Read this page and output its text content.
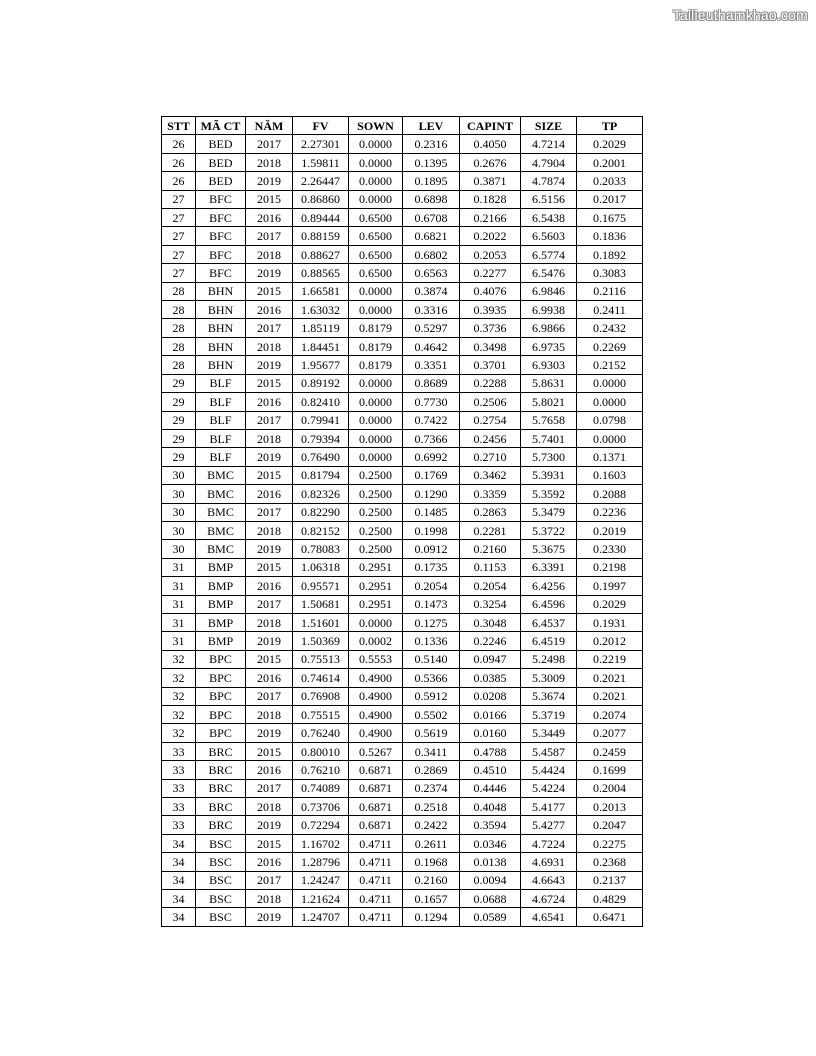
Tailieuthamkhao.com
STT	MÃ CT	NĂM	FV	SOWN	LEV	CAPINT	SIZE	TP
26	BED	2017	2.27301	0.0000	0.2316	0.4050	4.7214	0.2029
26	BED	2018	1.59811	0.0000	0.1395	0.2676	4.7904	0.2001
26	BED	2019	2.26447	0.0000	0.1895	0.3871	4.7874	0.2033
27	BFC	2015	0.86860	0.0000	0.6898	0.1828	6.5156	0.2017
27	BFC	2016	0.89444	0.6500	0.6708	0.2166	6.5438	0.1675
27	BFC	2017	0.88159	0.6500	0.6821	0.2022	6.5603	0.1836
27	BFC	2018	0.88627	0.6500	0.6802	0.2053	6.5774	0.1892
27	BFC	2019	0.88565	0.6500	0.6563	0.2277	6.5476	0.3083
28	BHN	2015	1.66581	0.0000	0.3874	0.4076	6.9846	0.2116
28	BHN	2016	1.63032	0.0000	0.3316	0.3935	6.9938	0.2411
28	BHN	2017	1.85119	0.8179	0.5297	0.3736	6.9866	0.2432
28	BHN	2018	1.84451	0.8179	0.4642	0.3498	6.9735	0.2269
28	BHN	2019	1.95677	0.8179	0.3351	0.3701	6.9303	0.2152
29	BLF	2015	0.89192	0.0000	0.8689	0.2288	5.8631	0.0000
29	BLF	2016	0.82410	0.0000	0.7730	0.2506	5.8021	0.0000
29	BLF	2017	0.79941	0.0000	0.7422	0.2754	5.7658	0.0798
29	BLF	2018	0.79394	0.0000	0.7366	0.2456	5.7401	0.0000
29	BLF	2019	0.76490	0.0000	0.6992	0.2710	5.7300	0.1371
30	BMC	2015	0.81794	0.2500	0.1769	0.3462	5.3931	0.1603
30	BMC	2016	0.82326	0.2500	0.1290	0.3359	5.3592	0.2088
30	BMC	2017	0.82290	0.2500	0.1485	0.2863	5.3479	0.2236
30	BMC	2018	0.82152	0.2500	0.1998	0.2281	5.3722	0.2019
30	BMC	2019	0.78083	0.2500	0.0912	0.2160	5.3675	0.2330
31	BMP	2015	1.06318	0.2951	0.1735	0.1153	6.3391	0.2198
31	BMP	2016	0.95571	0.2951	0.2054	0.2054	6.4256	0.1997
31	BMP	2017	1.50681	0.2951	0.1473	0.3254	6.4596	0.2029
31	BMP	2018	1.51601	0.0000	0.1275	0.3048	6.4537	0.1931
31	BMP	2019	1.50369	0.0002	0.1336	0.2246	6.4519	0.2012
32	BPC	2015	0.75513	0.5553	0.5140	0.0947	5.2498	0.2219
32	BPC	2016	0.74614	0.4900	0.5366	0.0385	5.3009	0.2021
32	BPC	2017	0.76908	0.4900	0.5912	0.0208	5.3674	0.2021
32	BPC	2018	0.75515	0.4900	0.5502	0.0166	5.3719	0.2074
32	BPC	2019	0.76240	0.4900	0.5619	0.0160	5.3449	0.2077
33	BRC	2015	0.80010	0.5267	0.3411	0.4788	5.4587	0.2459
33	BRC	2016	0.76210	0.6871	0.2869	0.4510	5.4424	0.1699
33	BRC	2017	0.74089	0.6871	0.2374	0.4446	5.4224	0.2004
33	BRC	2018	0.73706	0.6871	0.2518	0.4048	5.4177	0.2013
33	BRC	2019	0.72294	0.6871	0.2422	0.3594	5.4277	0.2047
34	BSC	2015	1.16702	0.4711	0.2611	0.0346	4.7224	0.2275
34	BSC	2016	1.28796	0.4711	0.1968	0.0138	4.6931	0.2368
34	BSC	2017	1.24247	0.4711	0.2160	0.0094	4.6643	0.2137
34	BSC	2018	1.21624	0.4711	0.1657	0.0688	4.6724	0.4829
34	BSC	2019	1.24707	0.4711	0.1294	0.0589	4.6541	0.6471
